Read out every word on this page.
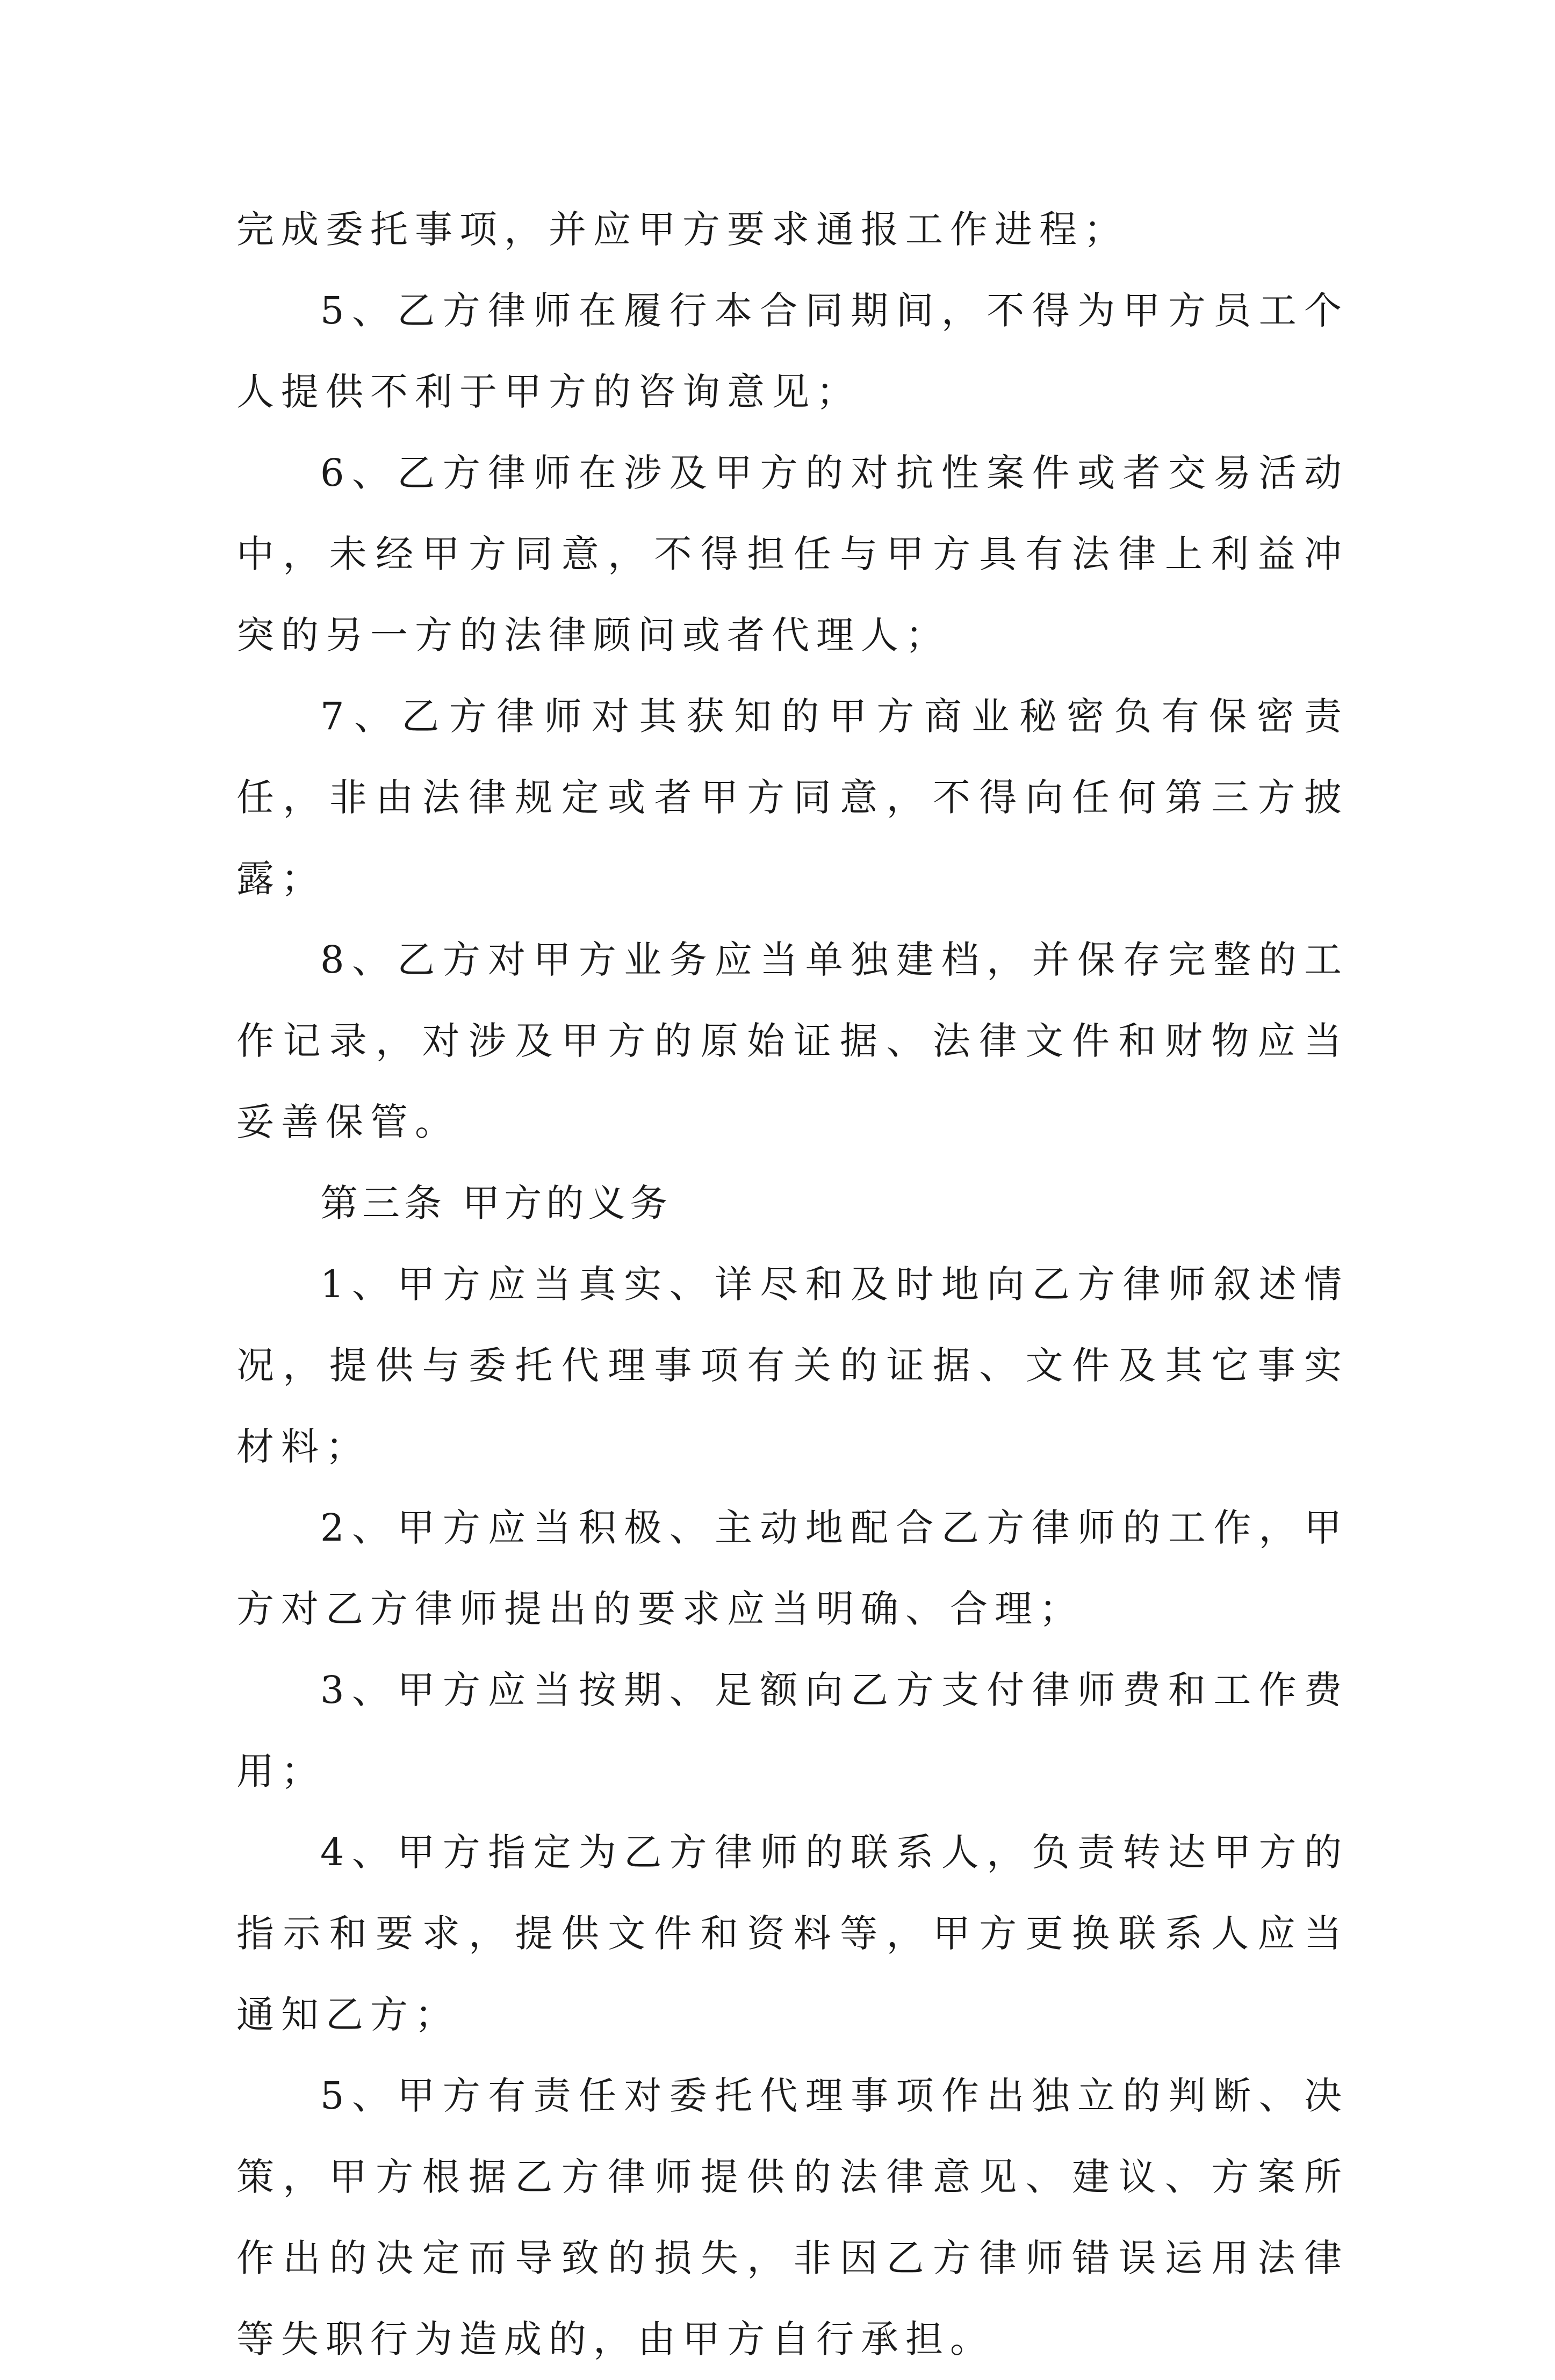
完成委托事项，并应甲方要求通报工作进程；

5、乙方律师在履行本合同期间，不得为甲方员工个人提供不利于甲方的咨询意见；

6、乙方律师在涉及甲方的对抗性案件或者交易活动中，未经甲方同意，不得担任与甲方具有法律上利益冲突的另一方的法律顾问或者代理人；

7、乙方律师对其获知的甲方商业秘密负有保密责任，非由法律规定或者甲方同意，不得向任何第三方披露；

8、乙方对甲方业务应当单独建档，并保存完整的工作记录，对涉及甲方的原始证据、法律文件和财物应当妥善保管。

第三条 甲方的义务

1、甲方应当真实、详尽和及时地向乙方律师叙述情况，提供与委托代理事项有关的证据、文件及其它事实材料；

2、甲方应当积极、主动地配合乙方律师的工作，甲方对乙方律师提出的要求应当明确、合理；

3、甲方应当按期、足额向乙方支付律师费和工作费用；

4、甲方指定为乙方律师的联系人，负责转达甲方的指示和要求，提供文件和资料等，甲方更换联系人应当通知乙方；

5、甲方有责任对委托代理事项作出独立的判断、决策，甲方根据乙方律师提供的法律意见、建议、方案所作出的决定而导致的损失，非因乙方律师错误运用法律等失职行为造成的，由甲方自行承担。
